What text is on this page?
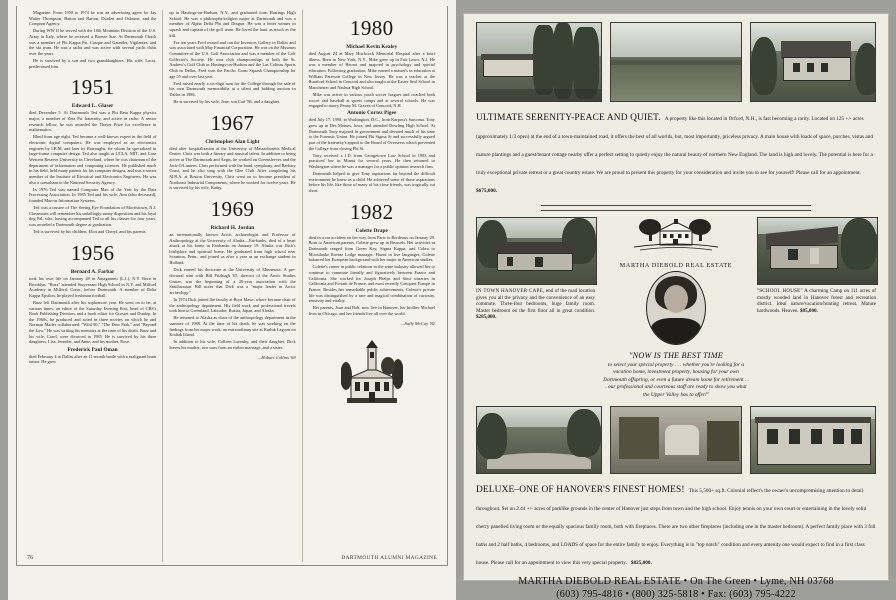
Magazine. From 1950 to 1974 he was an advertising agent for Jay Walter Thompson, Batton and Barton, Durden and Osborne, and the Compton Agency.

During WW II he served with the 10th Mountain Division of the U.S. Army in Italy, where he received a Bronze Star. At Dartmouth Chuck was a member of Phi Kappa Psi, Casque and Gauntlet, Vigilantes, and the ski team. He was a sailor and was active with several yacht clubs over the years.

He is survived by a son and two granddaughters. His wife, Lucia, predeceased him.

1951
Edward L. Glaser

died December 5. At Dartmouth Ted was a Phi Beta Kappa physics major, a member of Zeta Psi fraternity, and active in radio. A senior research fellow, he was awarded the Thayer Prize for excellence in mathematics.

Blind from age eight, Ted became a well-known expert in the field of electronic digital computers. He was employed as an electronics engineer by I.B.M. and later by Burroughs, for whom he specialized in large-frame computer design. Ted also taught at UCLA, MIT, and Case Western Reserve University in Cleveland, where he was chairman of the department of information and computing sciences. He published much in his field, held many patents for his computer designs, and was a senior member of the Institute of Electrical and Electronics Engineers. He was also a consultant to the National Security Agency.

In 1976 Ted was named Computer Man of the Year by the Data Processing Association. In 1985 Ted and his wife, Ann (also deceased), founded Marcus Information Systems.

Ted was a trustee of The Seeing Eye Foundation of Morristown, N.J. Classmates will remember his unfailingly sunny disposition and his loyal dog Pal, who, having accompanied Ted to all his classes for four years, was awarded a Dartmouth degree at graduation.

Ted is survived by his children, Eliot and Cheryl, and his parents.

1956
Bernard A. Farbar

took his own life on January 28 in Amagansett (L.I.), N.Y. Born in Brooklyn, "Buzz" attended Stuyvesant High School in N.Y. and Milford Academy in Milford, Conn., before Dartmouth. A member of Delta Kappa Epsilon, he played freshman football.

Buzz left Dartmouth after his sophomore year. He went on to be, at various times, an editor of the Saturday Evening Post, head of CBS's Book Publishing Division, and a book editor for Grosset and Dunlop. In the 1960s, he produced and acted in three movies on which he and Norman Mailer collaborated: "Wild 90," "The Deer Park," and "Beyond the Law." He was writing his memoirs at the time of his death. Buzz and his wife, Carol, were divorced in 1985. He is survived by his three daughters, Lisa, Jennifer, and Anne, and his mother, Rose.

Frederick Paul Oman

died February 4 in Dallas after an 11-month battle with a malignant brain tumor. He grew

up in Hastings-on-Hudson, N.Y., and graduated form Hastings High School. He was a philosophy/religion major at Dartmouth and was a member of Alpha Delta Phi and Dragon. He was a letter winner in squash and captain of the golf team. He loved the hunt as much as the kill.

For ten years Fred owned and ran the Investors Gallery in Dallas and was associated with May Financial Corporation. He was on the Museum Committee of the U.S. Golf Association and was a member of the Golf Collector's Society. He won club championships at both the St. Andrew's Golf Club in Hastings-on-Hudson and the Las Colinas Sports Club in Dallas. Fred won the Pacific Coast Squash Championship for age 55 and over last year.

Fred raised nearly a six-digit sum for the College through the sale of his own Dartmouth memorabilia at a silent and bidding auction in Dallas in 1986.

He is survived by his wife, Jane, son Carl '86, and a daughter.

1967
Christopher Alan Light

died after hospitalization at the University of Massachusetts Medical Center. Chris was both a literary and musical talent. In addition to being active at The Dartmouth and Aegis, he worked on Greensleeves and the Jack-O-Lantern. Chris performed with the band, symphony, and Barbary Coast, and he also sang with the Glee Club. After completing his M.B.A. at Boston University, Chris went on to become president of Northeast Industrial Components, where he worked for twelve years. He is survived by his wife, Kathy.

1969
Richard H. Jordan

an internationally known Arctic archaeologist and Professor of Anthropology at the University of Alaska—Fairbanks, died of a heart attack at his home in Fairbanks on January 19. Alaska was Dick's birthplace and spiritual home. He graduated from high school near Scranton, Penn., and joined us after a year as an exchange student in Holland.

Dick earned his doctorate at the University of Minnesota. A pre-doctoral stint with Bill Fitzhugh '65, director of the Arctic Studies Center, was the beginning of a 20-year association with the Smithsonian. Bill notes that Dick was a "major leader in Arctic archeology."

In 1974 Dick joined the faculty at Bryn Mawr, where became chair of the anthropology department. His field work and professional travels took him to Greenland, Labrador, Russia, Japan, and Alaska.

He returned to Alaska as chair of the anthropology department in the summer of 1988. At the time of his death, he was working on the findings from his major work, an extraordinary site at Karluk Lagoon on Kodiak Island.

In addition to his wife, Colleen Lazenby, and their daughter, Dick leaves his mother, two sons from an earlier marriage, and a sister.

—Hobart Collins '69
1980
Michael Kevin Kealey

died August 24 at Mary Hitchcock Memorial Hospital after a brief illness. Born in New York, N.Y., Mike grew up in Fair Lawn, N.J. He was a member of Heorot and majored in psychology and special education. Following graduation, Mike earned a master's in education at William Paterson College in New Jersey. He was a teacher at the Rumford School in Concord and also taught at the Easter Seal School in Manchester and Nashua High School.

Mike was active in various youth soccer leagues and coached both soccer and baseball at sports camps and at several schools. He was engaged to marry Penny M. Graves of Concord, N.H.

Antonio Cortez Pigee

died July 17, 1990, in Washington, D.C., from Karposi's Sarcoma. Tony grew up in Des Moines, Iowa, and attended Dowling High School. At Dartmouth Tony majored in government and devoted much of his time to the Forensic Union. He joined Phi Sigma Si and successfully argued part of the fraternity's appeal to the Board of Overseers which prevented the College from closing Phi Si.

Tony received a J.D. from Georgetown Law School in 1983 and practiced law in Miami for several years. He then returned to Washington where he was a manager for a public opinion research firm.

Dartmouth helped to give Tony aspirations far beyond the difficult environment he knew as a child. He achieved some of those aspirations before his life, like those of many of his close friends, was tragically cut short.

1982
Colette Drape

died in a car accident on her way from Paris to Bordeaux on January 29. Born to American parents, Colette grew up in Brussels. Her activities at Dartmouth ranged from Green Key, Sigma Kappa, and Cobra to Moosilauke Ravine Lodge manager. Fluent in five languages, Colette balanced her European background with her major in American studies.

Colette's career in public relations in the wine industry allowed her to continue to commute literally and figuratively between France and California. She worked for Joseph Phelps and Simi wineries in California and Fortant de France, and most recently Conquest Europe in France. Besides her remarkable public achievements, Colette's private life was distinguished by a rare and magical combination of curiosity, sensivity and vitality.

Her parents, Joan and Bob, now live in Hanover, her brother Michael lives in Chicago, and her friends live all over the world.

—Sally McCoy '82
76	DARTMOUTH ALUMNI MAGAZINE
ULTIMATE SERENITY-PEACE AND QUIET. A property like this located in Orford, N.H., is fast becoming a rarity. Located on 125 +/- acres (approximately 1/3 open) at the end of a town-maintained road, it offers the best of all worlds, but, most importantly, priceless privacy. A main house with loads of space, porches, vistas and mature plantings and a guest/tenant cottage nearby offer a perfect setting to quietly enjoy the natural beauty of northern New England. The land is high and lovely. The potential is here for a truly exceptional private retreat or a great country estate. We are proud to present this property for your consideration and invite you to see for yourself! Please call for an appointment. $675,000.

IN TOWN HANOVER CAPE, end of the road location gives you all the privacy and the convenience of an easy commute. Three-four bedrooms, huge family room. Master bedroom on the first floor all in great condition. $285,000.

MARTHA DIEBOLD REAL ESTATE
"NOW IS THE BEST TIME

to select your special property . . . whether you're looking for a vacation home, investment property, housing for your own Dartmouth offspring, or even a future dream home for retirement . . . our professional and courteous staff are ready to show you what the Upper Valley has to offer!"

"SCHOOL HOUSE" A charming Camp on 111 acres of mostly wooded land in Hanover forest and recreation district. Ideal nature/vacation/hunting retreat. Mature hardwoods. Heaven. $85,000.

DELUXE–ONE OF HANOVER'S FINEST HOMES! This 5,500+ sq.ft. Colonial reflect's the owner's uncompromising attention to detail throughout. Set on 2.44 +/- acres of parklike grounds in the center of Hanover just steps from town and the high school. Enjoy tennis on your own court or entertaining in the lovely solid cherry panelled living room or the equally spacious family room, both with fireplaces. There are two other fireplaces (including one in the master bedroom). A perfect family place with 3 full baths and 2 half baths, 4 bedrooms, and LOADS of space for the entire family to enjoy. Everything is in "top notch" condition and every amenity one would expect to find in a first class house. Please call for an appointment to view this very special property. $825,000.
MARTHA DIEBOLD REAL ESTATE • On The Green • Lyme, NH 03768
(603) 795-4816 • (800) 325-5818 • Fax: (603) 795-4222
